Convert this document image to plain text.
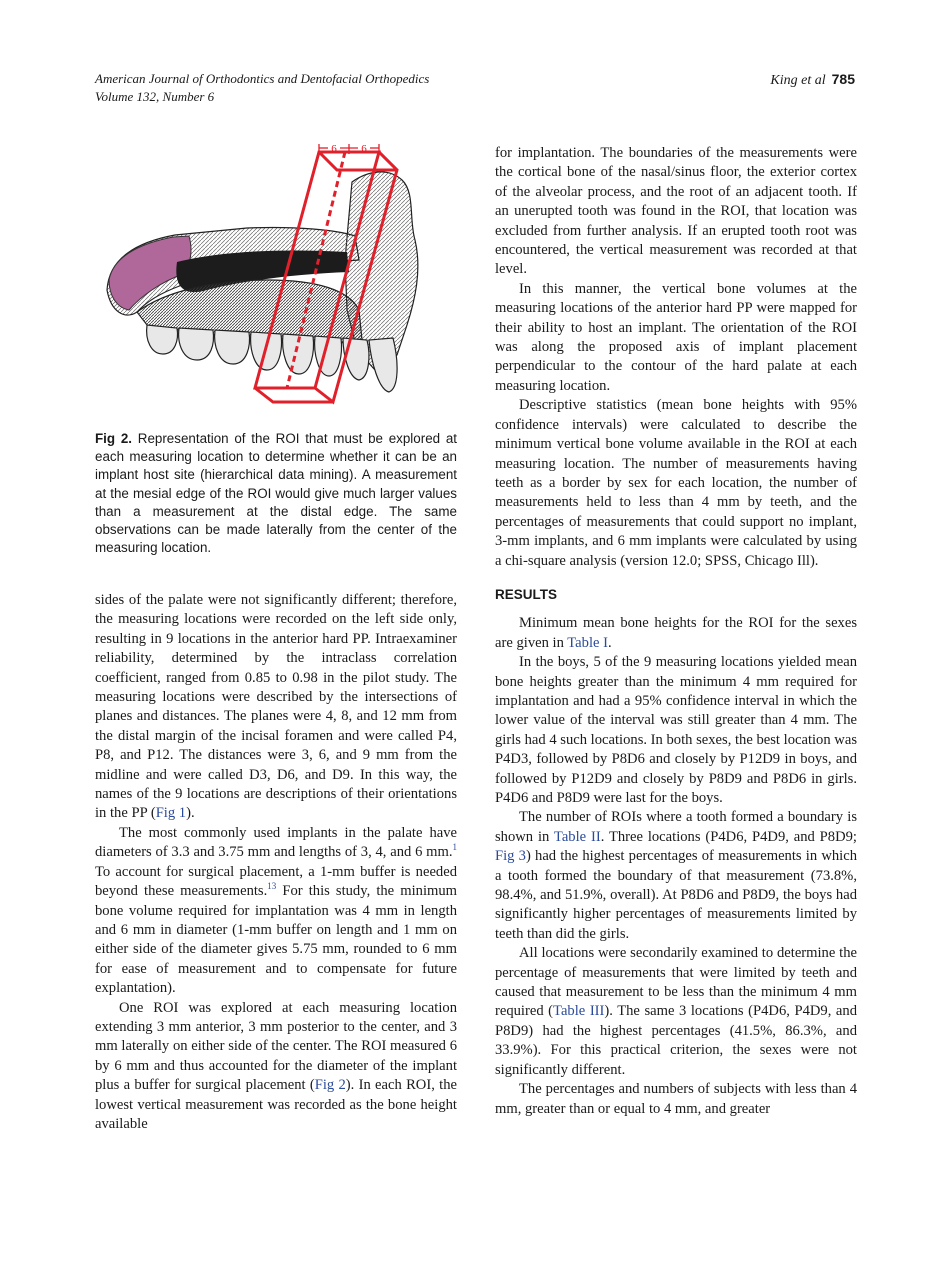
American Journal of Orthodontics and Dentofacial Orthopedics
Volume 132, Number 6
King et al 785
6 6
Fig 2. Representation of the ROI that must be explored at each measuring location to determine whether it can be an implant host site (hierarchical data mining). A measurement at the mesial edge of the ROI would give much larger values than a measurement at the distal edge. The same observations can be made laterally from the center of the measuring location.

sides of the palate were not significantly different; therefore, the measuring locations were recorded on the left side only, resulting in 9 locations in the anterior hard PP. Intraexaminer reliability, determined by the intraclass correlation coefficient, ranged from 0.85 to 0.98 in the pilot study. The measuring locations were described by the intersections of planes and distances. The planes were 4, 8, and 12 mm from the distal margin of the incisal foramen and were called P4, P8, and P12. The distances were 3, 6, and 9 mm from the midline and were called D3, D6, and D9. In this way, the names of the 9 locations are descriptions of their orientations in the PP (Fig 1).

The most commonly used implants in the palate have diameters of 3.3 and 3.75 mm and lengths of 3, 4, and 6 mm.$^1$ To account for surgical placement, a 1-mm buffer is needed beyond these measurements.$^{13}$ For this study, the minimum bone volume required for implantation was 4 mm in length and 6 mm in diameter (1-mm buffer on length and 1 mm on either side of the diameter gives 5.75 mm, rounded to 6 mm for ease of measurement and to compensate for future explantation).

One ROI was explored at each measuring location extending 3 mm anterior, 3 mm posterior to the center, and 3 mm laterally on either side of the center. The ROI measured 6 by 6 mm and thus accounted for the diameter of the implant plus a buffer for surgical placement (Fig 2). In each ROI, the lowest vertical measurement was recorded as the bone height available

for implantation. The boundaries of the measurements were the cortical bone of the nasal/sinus floor, the exterior cortex of the alveolar process, and the root of an adjacent tooth. If an unerupted tooth was found in the ROI, that location was excluded from further analysis. If an erupted tooth root was encountered, the vertical measurement was recorded at that level.

In this manner, the vertical bone volumes at the measuring locations of the anterior hard PP were mapped for their ability to host an implant. The orientation of the ROI was along the proposed axis of implant placement perpendicular to the contour of the hard palate at each measuring location.

Descriptive statistics (mean bone heights with 95% confidence intervals) were calculated to describe the minimum vertical bone volume available in the ROI at each measuring location. The number of measurements having teeth as a border by sex for each location, the number of measurements held to less than 4 mm by teeth, and the percentages of measurements that could support no implant, 3-mm implants, and 6 mm implants were calculated by using a chi-square analysis (version 12.0; SPSS, Chicago Ill).

RESULTS

Minimum mean bone heights for the ROI for the sexes are given in Table I.

In the boys, 5 of the 9 measuring locations yielded mean bone heights greater than the minimum 4 mm required for implantation and had a 95% confidence interval in which the lower value of the interval was still greater than 4 mm. The girls had 4 such locations. In both sexes, the best location was P4D3, followed by P8D6 and closely by P12D9 in boys, and followed by P12D9 and closely by P8D9 and P8D6 in girls. P4D6 and P8D9 were last for the boys.

The number of ROIs where a tooth formed a boundary is shown in Table II. Three locations (P4D6, P4D9, and P8D9; Fig 3) had the highest percentages of measurements in which a tooth formed the boundary of that measurement (73.8%, 98.4%, and 51.9%, overall). At P8D6 and P8D9, the boys had significantly higher percentages of measurements limited by teeth than did the girls.

All locations were secondarily examined to determine the percentage of measurements that were limited by teeth and caused that measurement to be less than the minimum 4 mm required (Table III). The same 3 locations (P4D6, P4D9, and P8D9) had the highest percentages (41.5%, 86.3%, and 33.9%). For this practical criterion, the sexes were not significantly different.

The percentages and numbers of subjects with less than 4 mm, greater than or equal to 4 mm, and greater
